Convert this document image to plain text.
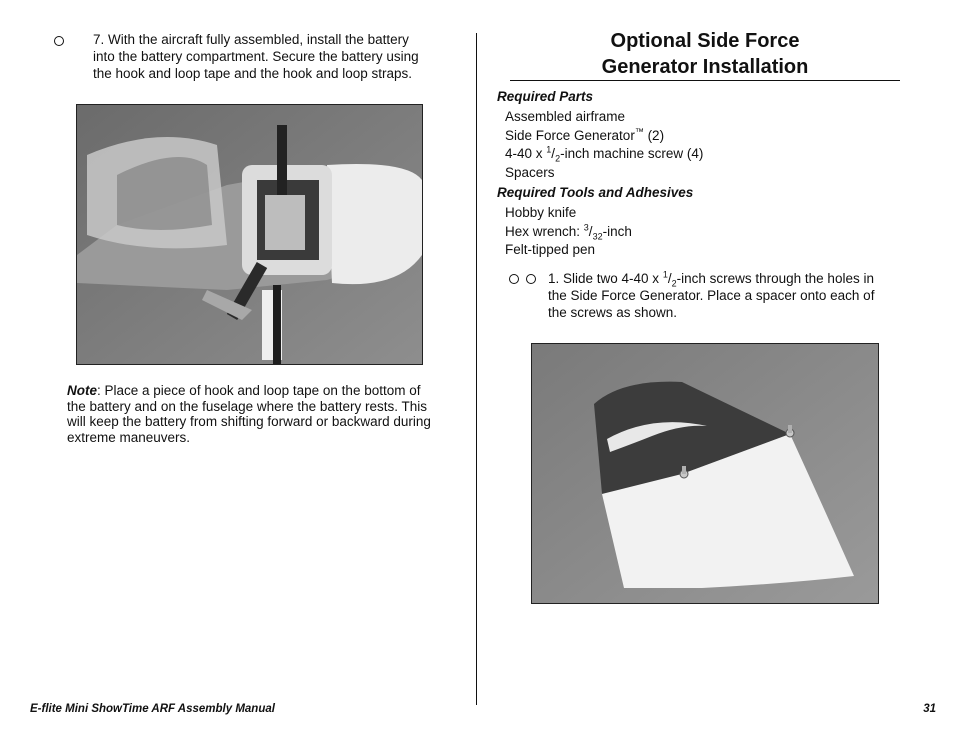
7. With the aircraft fully assembled, install the battery
into the battery compartment. Secure the battery using
the hook and loop tape and the hook and loop straps.
Note: Place a piece of hook and loop tape on the bottom of the battery and on the fuselage where the battery rests. This will keep the battery from shifting forward or backward during extreme maneuvers.
Optional Side Force
Generator Installation
Required Parts
Assembled airframe
Side Force Generator™ (2)
4-40 x $^1/_2$-inch machine screw (4)
Spacers
Required Tools and Adhesives
Hobby knife
Hex wrench: $^3/_{32}$-inch
Felt-tipped pen
1. Slide two 4-40 x $^1/_2$-inch screws through the holes in
the Side Force Generator. Place a spacer onto each of
the screws as shown.
E-flite Mini ShowTime ARF Assembly Manual	31
